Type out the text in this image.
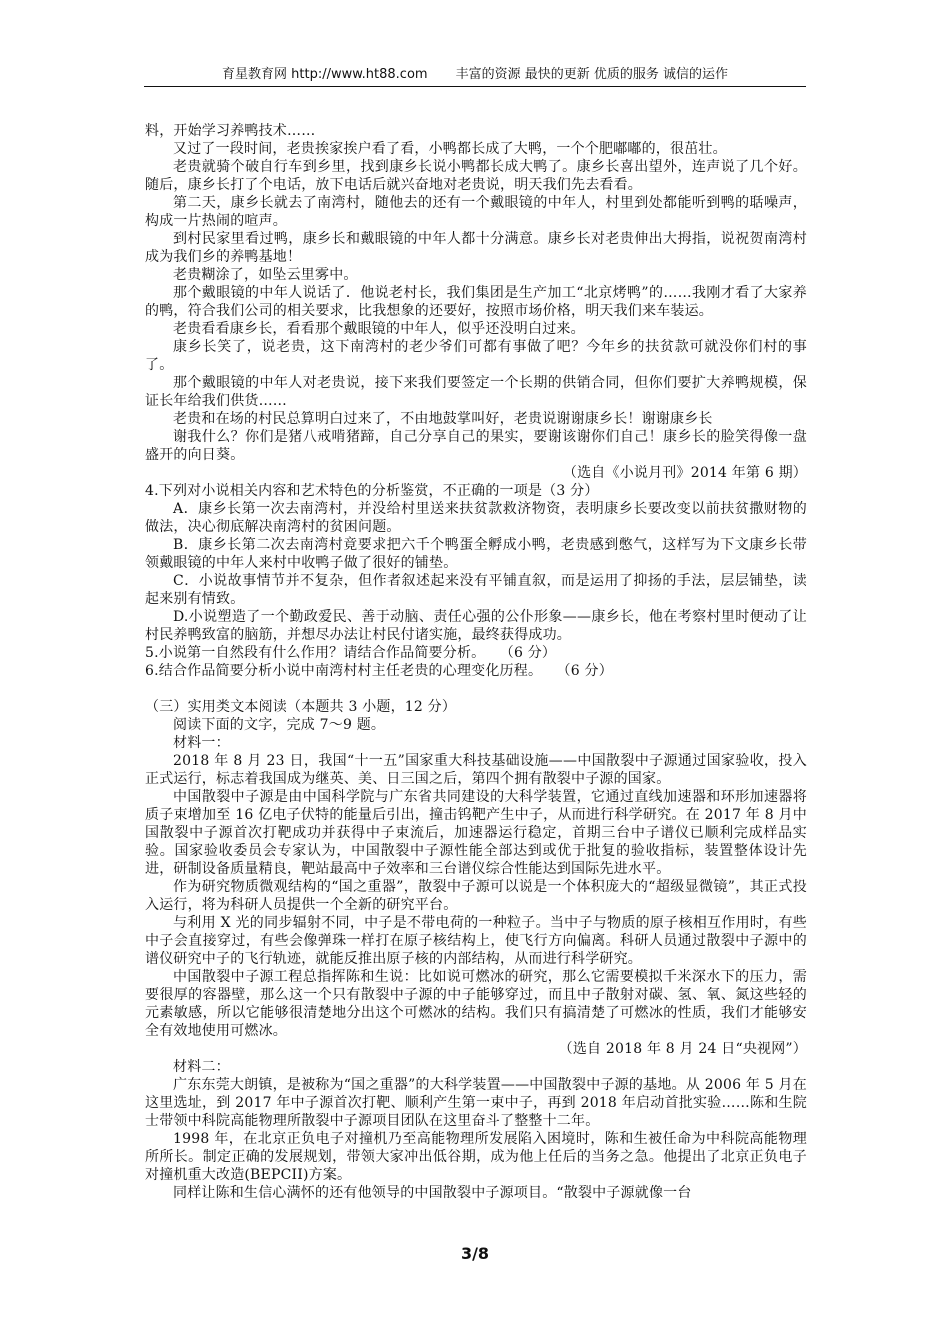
育星教育网 http://www.ht88.com 丰富的资源 最快的更新 优质的服务 诚信的运作

料，开始学习养鸭技术……

又过了一段时间，老贵挨家挨户看了看，小鸭都长成了大鸭，一个个肥嘟嘟的，很茁壮。

老贵就骑个破自行车到乡里，找到康乡长说小鸭都长成大鸭了。康乡长喜出望外，连声说了几个好。随后，康乡长打了个电话，放下电话后就兴奋地对老贵说，明天我们先去看看。

第二天，康乡长就去了南湾村，随他去的还有一个戴眼镜的中年人，村里到处都能听到鸭的聒噪声，构成一片热闹的喧声。

到村民家里看过鸭，康乡长和戴眼镜的中年人都十分满意。康乡长对老贵伸出大拇指，说祝贺南湾村成为我们乡的养鸭基地！

老贵糊涂了，如坠云里雾中。

那个戴眼镜的中年人说话了．他说老村长，我们集团是生产加工“北京烤鸭”的……我刚才看了大家养的鸭，符合我们公司的相关要求，比我想象的还要好，按照市场价格，明天我们来车装运。

老贵看看康乡长，看看那个戴眼镜的中年人，似乎还没明白过来。

康乡长笑了，说老贵，这下南湾村的老少爷们可都有事做了吧？今年乡的扶贫款可就没你们村的事了。

那个戴眼镜的中年人对老贵说，接下来我们要签定一个长期的供销合同，但你们要扩大养鸭规模，保证长年给我们供货……

老贵和在场的村民总算明白过来了，不由地鼓掌叫好，老贵说谢谢康乡长！谢谢康乡长

谢我什么？你们是猪八戒啃猪蹄，自己分享自己的果实，要谢该谢你们自己！康乡长的脸笑得像一盘盛开的向日葵。

（选自《小说月刊》2014 年第 6 期）

4.下列对小说相关内容和艺术特色的分析鉴赏，不正确的一项是（3 分）

A．康乡长第一次去南湾村，并没给村里送来扶贫款救济物资，表明康乡长要改变以前扶贫撒财物的做法，决心彻底解决南湾村的贫困问题。

B．康乡长第二次去南湾村竟要求把六千个鸭蛋全孵成小鸭，老贵感到憋气，这样写为下文康乡长带领戴眼镜的中年人来村中收鸭子做了很好的铺垫。

C．小说故事情节并不复杂，但作者叙述起来没有平铺直叙，而是运用了抑扬的手法，层层铺垫，读起来别有情致。

D.小说塑造了一个勤政爱民、善于动脑、责任心强的公仆形象——康乡长，他在考察村里时便动了让村民养鸭致富的脑筋，并想尽办法让村民付诸实施，最终获得成功。

5.小说第一自然段有什么作用？请结合作品简要分析。　　（6 分）

6.结合作品简要分析小说中南湾村村主任老贵的心理变化历程。　　（6 分）

（三）实用类文本阅读（本题共 3 小题，12 分）

阅读下面的文字，完成 7～9 题。

材料一：

2018 年 8 月 23 日，我国“十一五”国家重大科技基础设施——中国散裂中子源通过国家验收，投入正式运行，标志着我国成为继英、美、日三国之后，第四个拥有散裂中子源的国家。

中国散裂中子源是由中国科学院与广东省共同建设的大科学装置，它通过直线加速器和环形加速器将质子束增加至 16 亿电子伏特的能量后引出，撞击钨靶产生中子，从而进行科学研究。在 2017 年 8 月中国散裂中子源首次打靶成功并获得中子束流后，加速器运行稳定，首期三台中子谱仪已顺利完成样品实验。国家验收委员会专家认为，中国散裂中子源性能全部达到或优于批复的验收指标，装置整体设计先进，研制设备质量精良，靶站最高中子效率和三台谱仪综合性能达到国际先进水平。

作为研究物质微观结构的“国之重器”，散裂中子源可以说是一个体积庞大的“超级显微镜”，其正式投入运行，将为科研人员提供一个全新的研究平台。

与利用 X 光的同步辐射不同，中子是不带电荷的一种粒子。当中子与物质的原子核相互作用时，有些中子会直接穿过，有些会像弹珠一样打在原子核结构上，使飞行方向偏离。科研人员通过散裂中子源中的谱仪研究中子的飞行轨迹，就能反推出原子核的内部结构，从而进行科学研究。

中国散裂中子源工程总指挥陈和生说：比如说可燃冰的研究，那么它需要模拟千米深水下的压力，需要很厚的容器壁，那么这一个只有散裂中子源的中子能够穿过，而且中子散射对碳、氢、氧、氮这些轻的元素敏感，所以它能够很清楚地分出这个可燃冰的结构。我们只有搞清楚了可燃冰的性质，我们才能够安全有效地使用可燃冰。

（选自 2018 年 8 月 24 日“央视网”）

材料二：

广东东莞大朗镇，是被称为“国之重器”的大科学装置——中国散裂中子源的基地。从 2006 年 5 月在这里选址，到 2017 年中子源首次打靶、顺利产生第一束中子，再到 2018 年启动首批实验……陈和生院士带领中科院高能物理所散裂中子源项目团队在这里奋斗了整整十二年。

1998 年，在北京正负电子对撞机乃至高能物理所发展陷入困境时，陈和生被任命为中科院高能物理所所长。制定正确的发展规划，带领大家冲出低谷期，成为他上任后的当务之急。他提出了北京正负电子对撞机重大改造(BEPCII)方案。

同样让陈和生信心满怀的还有他领导的中国散裂中子源项目。“散裂中子源就像一台

3/8
